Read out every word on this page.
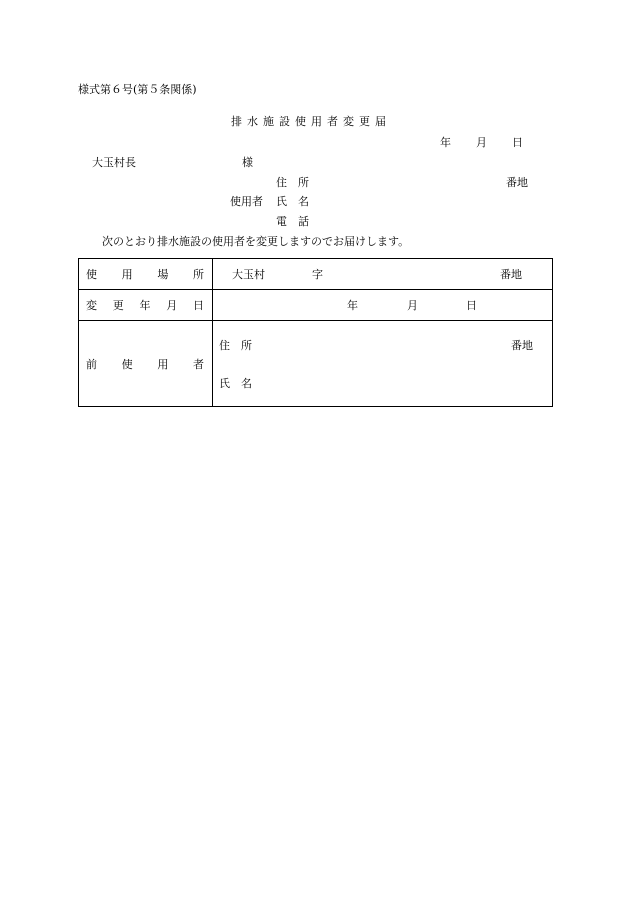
様式第６号(第５条関係)
排水施設使用者変更届
年 月 日
大玉村長	様
住　所	番地
使用者 氏　名
電　話
次のとおり排水施設の使用者を変更しますのでお届けします。
使 用 場 所	大玉村 字 番地

変 更 年 月 日	年 月 日

前 使 用 者	住　所 番地
氏　名
